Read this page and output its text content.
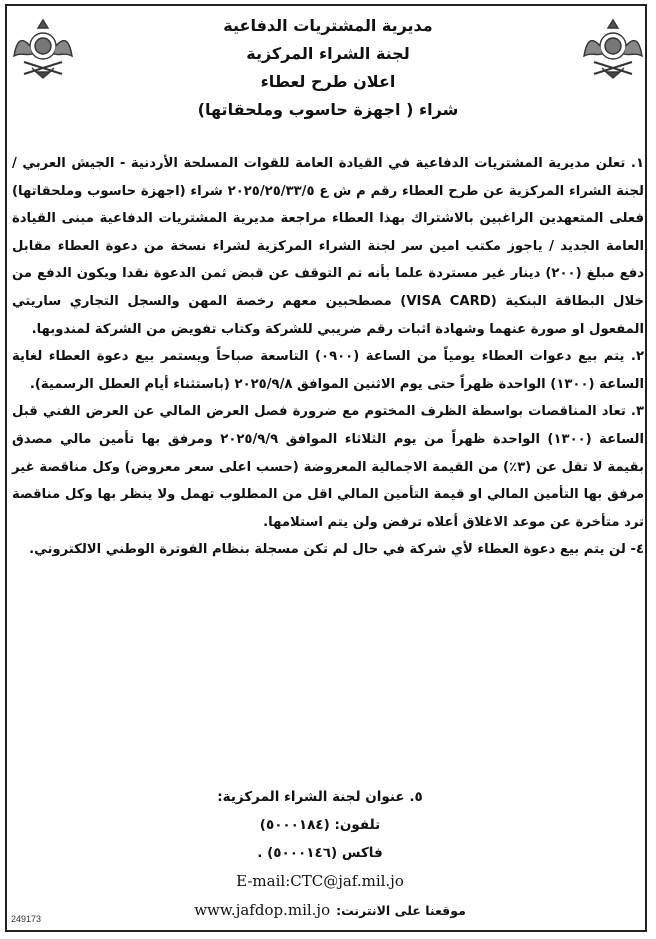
مديرية المشتريات الدفاعية
لجنة الشراء المركزية
اعلان طرح لعطاء
شراء ( اجهزة حاسوب وملحقاتها)

١. تعلن مديرية المشتريات الدفاعية في القيادة العامة للقوات المسلحة الأردنية - الجيش العربي /لجنة الشراء المركزية عن طرح العطاء رقم م ش ع ٢٠٢٥/٢٥/٣٣/٥ شراء (اجهزة حاسوب وملحقاتها) فعلى المتعهدين الراغبين بالاشتراك بهذا العطاء مراجعة مديرية المشتريات الدفاعية مبنى القيادة العامة الجديد / ياجوز مكتب امين سر لجنة الشراء المركزية لشراء نسخة من دعوة العطاء مقابل دفع مبلغ (٢٠٠) دينار غير مستردة علما بأنه تم التوقف عن قبض ثمن الدعوة نقدا ويكون الدفع من خلال البطاقة البنكية (VISA CARD) مصطحبين معهم رخصة المهن والسجل التجاري ساريتي المفعول او صورة عنهما وشهادة اثبات رقم ضريبي للشركة وكتاب تفويض من الشركة لمندوبها.

٢. يتم بيع دعوات العطاء يومياً من الساعة (٠٩٠٠) التاسعة صباحاً ويستمر بيع دعوة العطاء لغاية الساعة (١٣٠٠) الواحدة ظهراً حتى يوم الاثنين الموافق ٢٠٢٥/٩/٨ (باستثناء أيام العطل الرسمية).

٣. تعاد المناقصات بواسطة الظرف المختوم مع ضرورة فصل العرض المالي عن العرض الفني قبل الساعة (١٣٠٠) الواحدة ظهراً من يوم الثلاثاء الموافق ٢٠٢٥/٩/٩ ومرفق بها تأمين مالي مصدق بقيمة لا تقل عن (٣٪) من القيمة الاجمالية المعروضة (حسب اعلى سعر معروض) وكل مناقصة غير مرفق بها التأمين المالي او قيمة التأمين المالي اقل من المطلوب تهمل ولا ينظر بها وكل مناقصة ترد متأخرة عن موعد الاغلاق أعلاه ترفض ولن يتم استلامها.

٤- لن يتم بيع دعوة العطاء لأي شركة في حال لم تكن مسجلة بنظام الفوترة الوطني الالكتروني.

٥. عنوان لجنة الشراء المركزية:
تلفون: (٥٠٠٠١٨٤)
فاكس (٥٠٠٠١٤٦) .
E-mail:CTC@jaf.mil.jo
موقعنا على الانترنت:
www.jafdop.mil.jo
249173
